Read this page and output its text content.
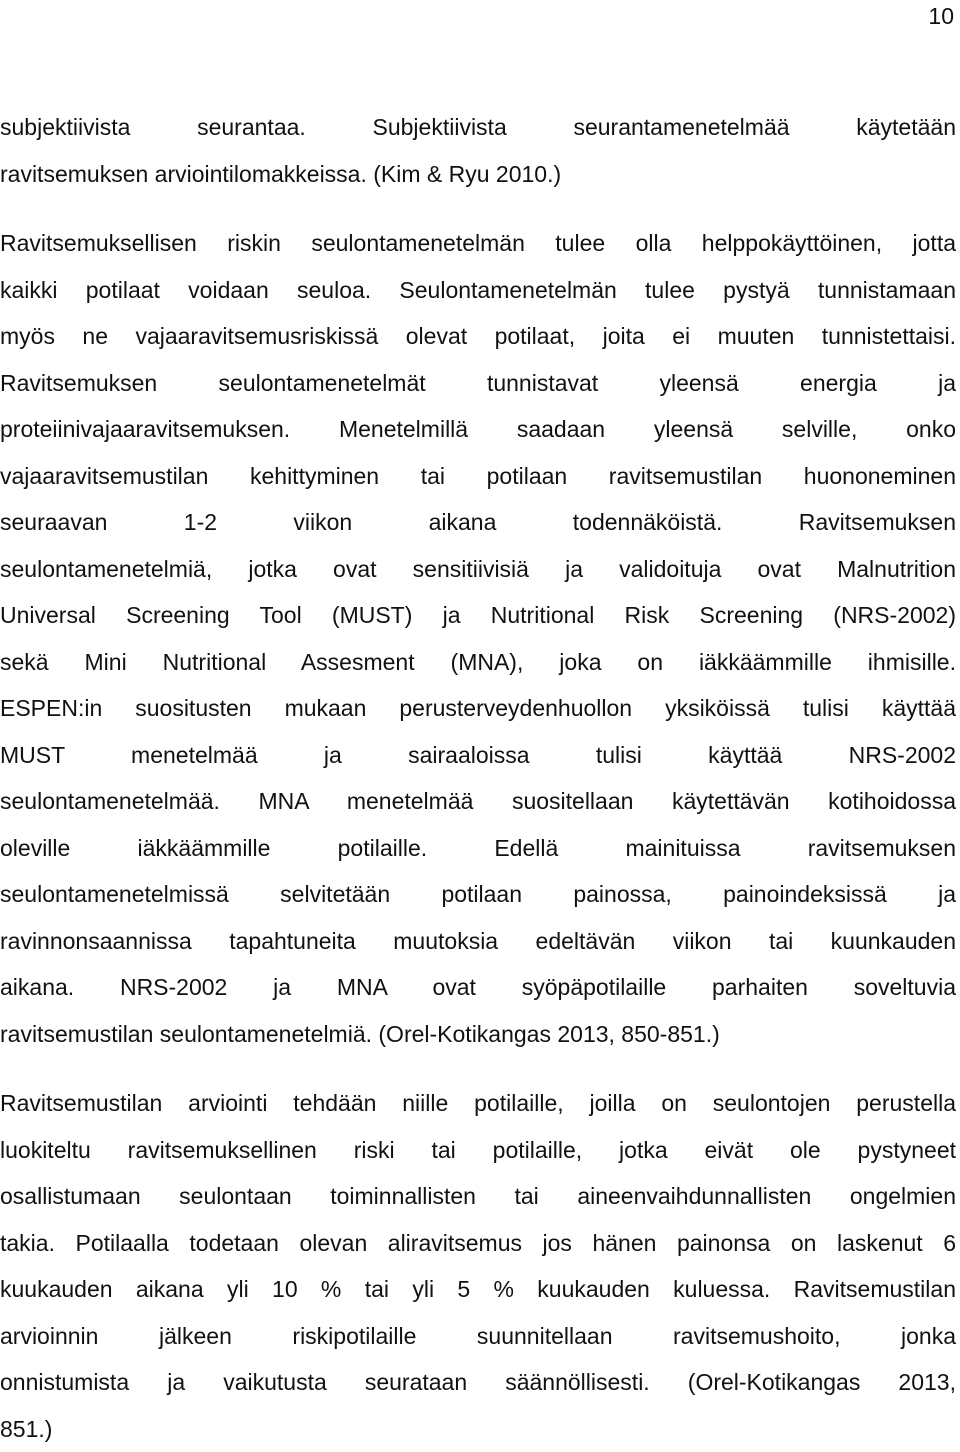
10
subjektiivista seurantaa. Subjektiivista seurantamenetelmää käytetään
ravitsemuksen arviointilomakkeissa. (Kim & Ryu 2010.)
Ravitsemuksellisen riskin seulontamenetelmän tulee olla helppokäyttöinen, jotta
kaikki potilaat voidaan seuloa. Seulontamenetelmän tulee pystyä tunnistamaan
myös ne vajaaravitsemusriskissä olevat potilaat, joita ei muuten tunnistettaisi.
Ravitsemuksen seulontamenetelmät tunnistavat yleensä energia ja
proteiinivajaaravitsemuksen. Menetelmillä saadaan yleensä selville, onko
vajaaravitsemustilan kehittyminen tai potilaan ravitsemustilan huononeminen
seuraavan 1-2 viikon aikana todennäköistä. Ravitsemuksen
seulontamenetelmiä, jotka ovat sensitiivisiä ja validoituja ovat Malnutrition
Universal Screening Tool (MUST) ja Nutritional Risk Screening (NRS-2002)
sekä Mini Nutritional Assesment (MNA), joka on iäkkäämmille ihmisille.
ESPEN:in suositusten mukaan perusterveydenhuollon yksiköissä tulisi käyttää
MUST menetelmää ja sairaaloissa tulisi käyttää NRS-2002
seulontamenetelmää. MNA menetelmää suositellaan käytettävän kotihoidossa
oleville iäkkäämmille potilaille. Edellä mainituissa ravitsemuksen
seulontamenetelmissä selvitetään potilaan painossa, painoindeksissä ja
ravinnonsaannissa tapahtuneita muutoksia edeltävän viikon tai kuunkauden
aikana. NRS-2002 ja MNA ovat syöpäpotilaille parhaiten soveltuvia
ravitsemustilan seulontamenetelmiä. (Orel-Kotikangas 2013, 850-851.)
Ravitsemustilan arviointi tehdään niille potilaille, joilla on seulontojen perustella
luokiteltu ravitsemuksellinen riski tai potilaille, jotka eivät ole pystyneet
osallistumaan seulontaan toiminnallisten tai aineenvaihdunnallisten ongelmien
takia. Potilaalla todetaan olevan aliravitsemus jos hänen painonsa on laskenut 6
kuukauden aikana yli 10 % tai yli 5 % kuukauden kuluessa. Ravitsemustilan
arvioinnin jälkeen riskipotilaille suunnitellaan ravitsemushoito, jonka
onnistumista ja vaikutusta seurataan säännöllisesti. (Orel-Kotikangas 2013,
851.)
